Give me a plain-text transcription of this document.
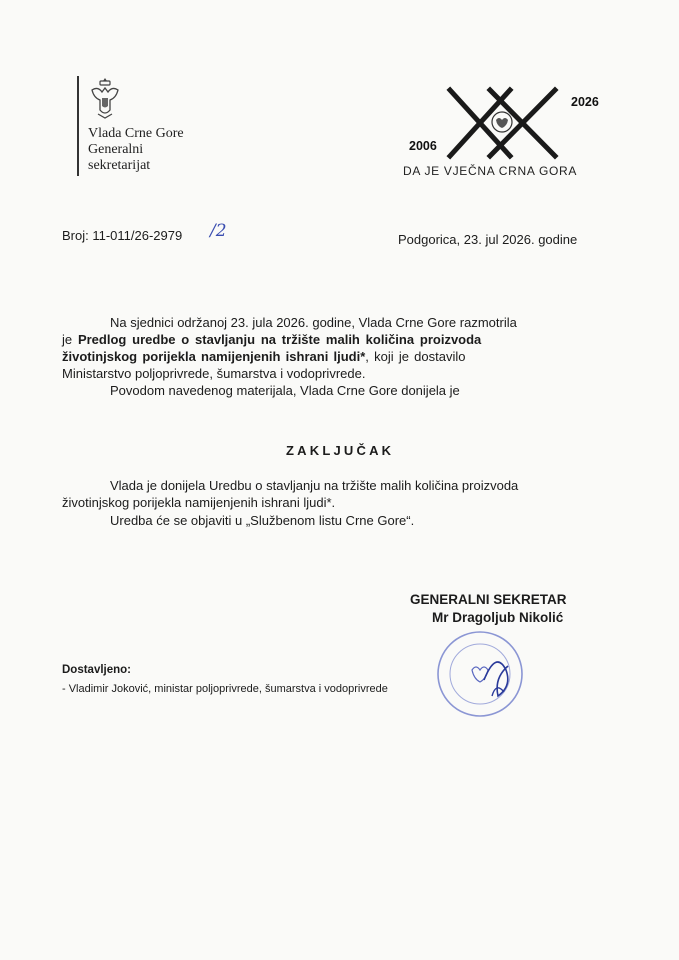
Vlada Crne Gore
Generalni
sekretarijat
2006
2026
DA JE VJEČNA CRNA GORA
Broj: 11-011/26-2979 /2	Podgorica, 23. jul 2026. godine
Na sjednici održanoj 23. jula 2026. godine, Vlada Crne Gore razmotrila
je Predlog uredbe o stavljanju na tržište malih količina proizvoda
životinjskog porijekla namijenjenih ishrani ljudi*, koji je dostavilo
Ministarstvo poljoprivrede, šumarstva i vodoprivrede.
Povodom navedenog materijala, Vlada Crne Gore donijela je
ZAKLJUČAK
Vlada je donijela Uredbu o stavljanju na tržište malih količina proizvoda
životinjskog porijekla namijenjenih ishrani ljudi*.
Uredba će se objaviti u „Službenom listu Crne Gore“.
GENERALNI SEKRETAR
Mr Dragoljub Nikolić
Dostavljeno:
- Vladimir Joković, ministar poljoprivrede, šumarstva i vodoprivrede
